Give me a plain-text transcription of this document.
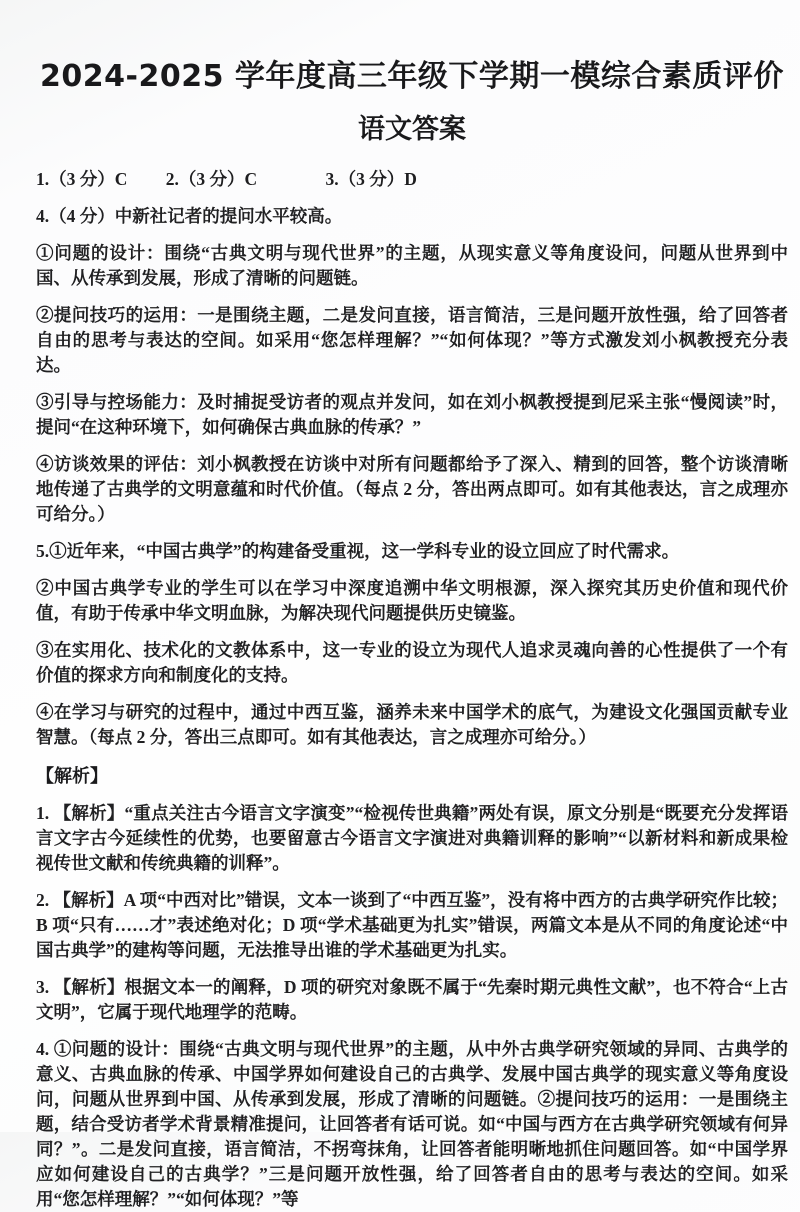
2024-2025 学年度高三年级下学期一模综合素质评价
语文答案
1.（3 分）C 2.（3 分）C	3.（3 分）D

4.（4 分）中新社记者的提问水平较高。

①问题的设计：围绕“古典文明与现代世界”的主题，从现实意义等角度设问，问题从世界到中国、从传承到发展，形成了清晰的问题链。

②提问技巧的运用：一是围绕主题，二是发问直接，语言简洁，三是问题开放性强，给了回答者自由的思考与表达的空间。如采用“您怎样理解？”“如何体现？”等方式激发刘小枫教授充分表达。

③引导与控场能力：及时捕捉受访者的观点并发问，如在刘小枫教授提到尼采主张“慢阅读”时，提问“在这种环境下，如何确保古典血脉的传承？”

④访谈效果的评估：刘小枫教授在访谈中对所有问题都给予了深入、精到的回答，整个访谈清晰地传递了古典学的文明意蕴和时代价值。（每点 2 分，答出两点即可。如有其他表达，言之成理亦可给分。）

5.①近年来，“中国古典学”的构建备受重视，这一学科专业的设立回应了时代需求。

②中国古典学专业的学生可以在学习中深度追溯中华文明根源，深入探究其历史价值和现代价值，有助于传承中华文明血脉，为解决现代问题提供历史镜鉴。

③在实用化、技术化的文教体系中，这一专业的设立为现代人追求灵魂向善的心性提供了一个有价值的探求方向和制度化的支持。

④在学习与研究的过程中，通过中西互鉴，涵养未来中国学术的底气，为建设文化强国贡献专业智慧。（每点 2 分，答出三点即可。如有其他表达，言之成理亦可给分。）

【解析】

1. 【解析】“重点关注古今语言文字演变”“检视传世典籍”两处有误，原文分别是“既要充分发挥语言文字古今延续性的优势，也要留意古今语言文字演进对典籍训释的影响”“以新材料和新成果检视传世文献和传统典籍的训释”。

2. 【解析】A 项“中西对比”错误，文本一谈到了“中西互鉴”，没有将中西方的古典学研究作比较；B 项“只有……才”表述绝对化；D 项“学术基础更为扎实”错误，两篇文本是从不同的角度论述“中国古典学”的建构等问题，无法推导出谁的学术基础更为扎实。

3. 【解析】根据文本一的阐释，D 项的研究对象既不属于“先秦时期元典性文献”，也不符合“上古文明”，它属于现代地理学的范畴。

4. ①问题的设计：围绕“古典文明与现代世界”的主题，从中外古典学研究领域的异同、古典学的意义、古典血脉的传承、中国学界如何建设自己的古典学、发展中国古典学的现实意义等角度设问，问题从世界到中国、从传承到发展，形成了清晰的问题链。②提问技巧的运用：一是围绕主题，结合受访者学术背景精准提问，让回答者有话可说。如“中国与西方在古典学研究领域有何异同？”。二是发问直接，语言简洁，不拐弯抹角，让回答者能明晰地抓住问题回答。如“中国学界应如何建设自己的古典学？”三是问题开放性强，给了回答者自由的思考与表达的空间。如采用“您怎样理解？”“如何体现？”等
